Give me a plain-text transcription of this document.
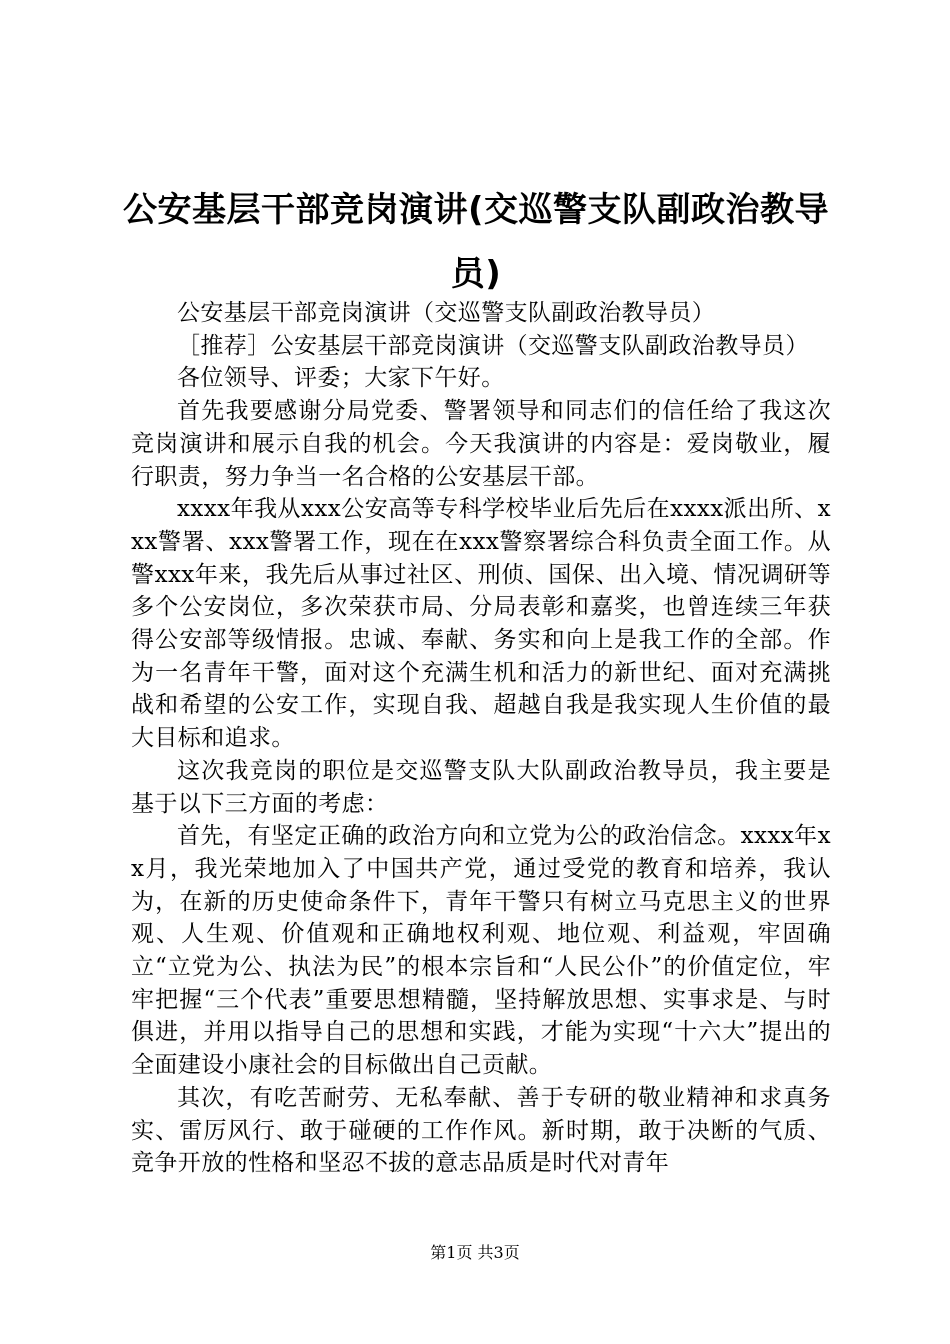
公安基层干部竞岗演讲(交巡警支队副政治教导员)

公安基层干部竞岗演讲（交巡警支队副政治教导员）

［推荐］公安基层干部竞岗演讲（交巡警支队副政治教导员）

各位领导、评委；大家下午好。

首先我要感谢分局党委、警署领导和同志们的信任给了我这次竞岗演讲和展示自我的机会。今天我演讲的内容是：爱岗敬业，履行职责，努力争当一名合格的公安基层干部。

xxxx年我从xxx公安高等专科学校毕业后先后在xxxx派出所、xxx警署、xxx警署工作，现在在xxx警察署综合科负责全面工作。从警xxx年来，我先后从事过社区、刑侦、国保、出入境、情况调研等多个公安岗位，多次荣获市局、分局表彰和嘉奖，也曾连续三年获得公安部等级情报。忠诚、奉献、务实和向上是我工作的全部。作为一名青年干警，面对这个充满生机和活力的新世纪、面对充满挑战和希望的公安工作，实现自我、超越自我是我实现人生价值的最大目标和追求。

这次我竞岗的职位是交巡警支队大队副政治教导员，我主要是基于以下三方面的考虑：

首先，有坚定正确的政治方向和立党为公的政治信念。xxxx年xx月，我光荣地加入了中国共产党，通过受党的教育和培养，我认为，在新的历史使命条件下，青年干警只有树立马克思主义的世界观、人生观、价值观和正确地权利观、地位观、利益观，牢固确立“立党为公、执法为民”的根本宗旨和“人民公仆”的价值定位，牢牢把握“三个代表”重要思想精髓，坚持解放思想、实事求是、与时俱进，并用以指导自己的思想和实践，才能为实现“十六大”提出的全面建设小康社会的目标做出自己贡献。

其次，有吃苦耐劳、无私奉献、善于专研的敬业精神和求真务实、雷厉风行、敢于碰硬的工作作风。新时期，敢于决断的气质、竞争开放的性格和坚忍不拔的意志品质是时代对青年

第1页 共3页
